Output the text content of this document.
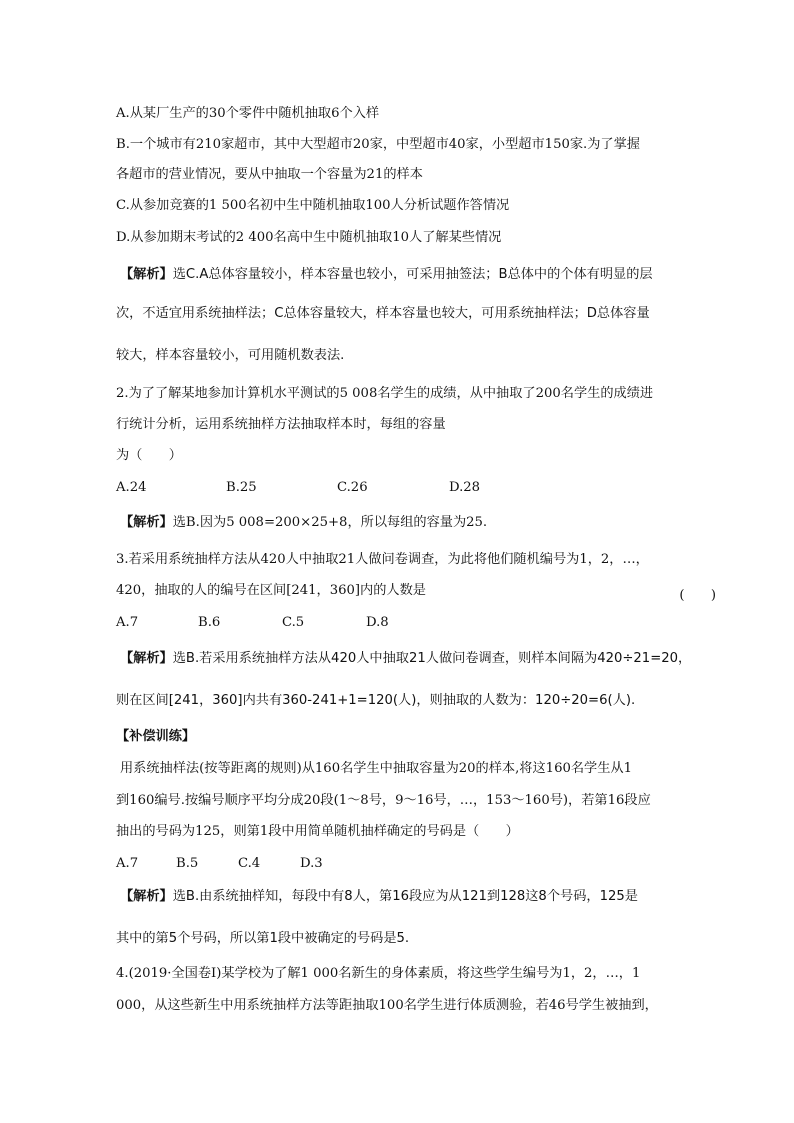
A.从某厂生产的30个零件中随机抽取6个入样
B.一个城市有210家超市，其中大型超市20家，中型超市40家，小型超市150家.为了掌握
各超市的营业情况，要从中抽取一个容量为21的样本
C.从参加竞赛的1 500名初中生中随机抽取100人分析试题作答情况
D.从参加期末考试的2 400名高中生中随机抽取10人了解某些情况
【解析】选C.A总体容量较小，样本容量也较小，可采用抽签法；B总体中的个体有明显的层
次，不适宜用系统抽样法；C总体容量较大，样本容量也较大，可用系统抽样法；D总体容量
较大，样本容量较小，可用随机数表法.
2.为了了解某地参加计算机水平测试的5 008名学生的成绩，从中抽取了200名学生的成绩进
行统计分析，运用系统抽样方法抽取样本时，每组的容量
为（　　）
A.24	B.25	C.26	D.28
【解析】选B.因为5 008=200×25+8，所以每组的容量为25.
3.若采用系统抽样方法从420人中抽取21人做问卷调查，为此将他们随机编号为1，2，…，
420，抽取的人的编号在区间[241，360]内的人数是	(　　)
A.7	B.6	C.5	D.8
【解析】选B.若采用系统抽样方法从420人中抽取21人做问卷调查，则样本间隔为420÷21=20，
则在区间[241，360]内共有360-241+1=120(人)，则抽取的人数为：120÷20=6(人).
【补偿训练】
用系统抽样法(按等距离的规则)从160名学生中抽取容量为20的样本,将这160名学生从1
到160编号.按编号顺序平均分成20段(1～8号，9～16号，…，153～160号)，若第16段应
抽出的号码为125，则第1段中用简单随机抽样确定的号码是（　　）
A.7	B.5	C.4	D.3
【解析】选B.由系统抽样知，每段中有8人，第16段应为从121到128这8个号码，125是
其中的第5个号码，所以第1段中被确定的号码是5.
4.(2019·全国卷Ⅰ)某学校为了解1 000名新生的身体素质，将这些学生编号为1，2，…，1
000，从这些新生中用系统抽样方法等距抽取100名学生进行体质测验，若46号学生被抽到，
